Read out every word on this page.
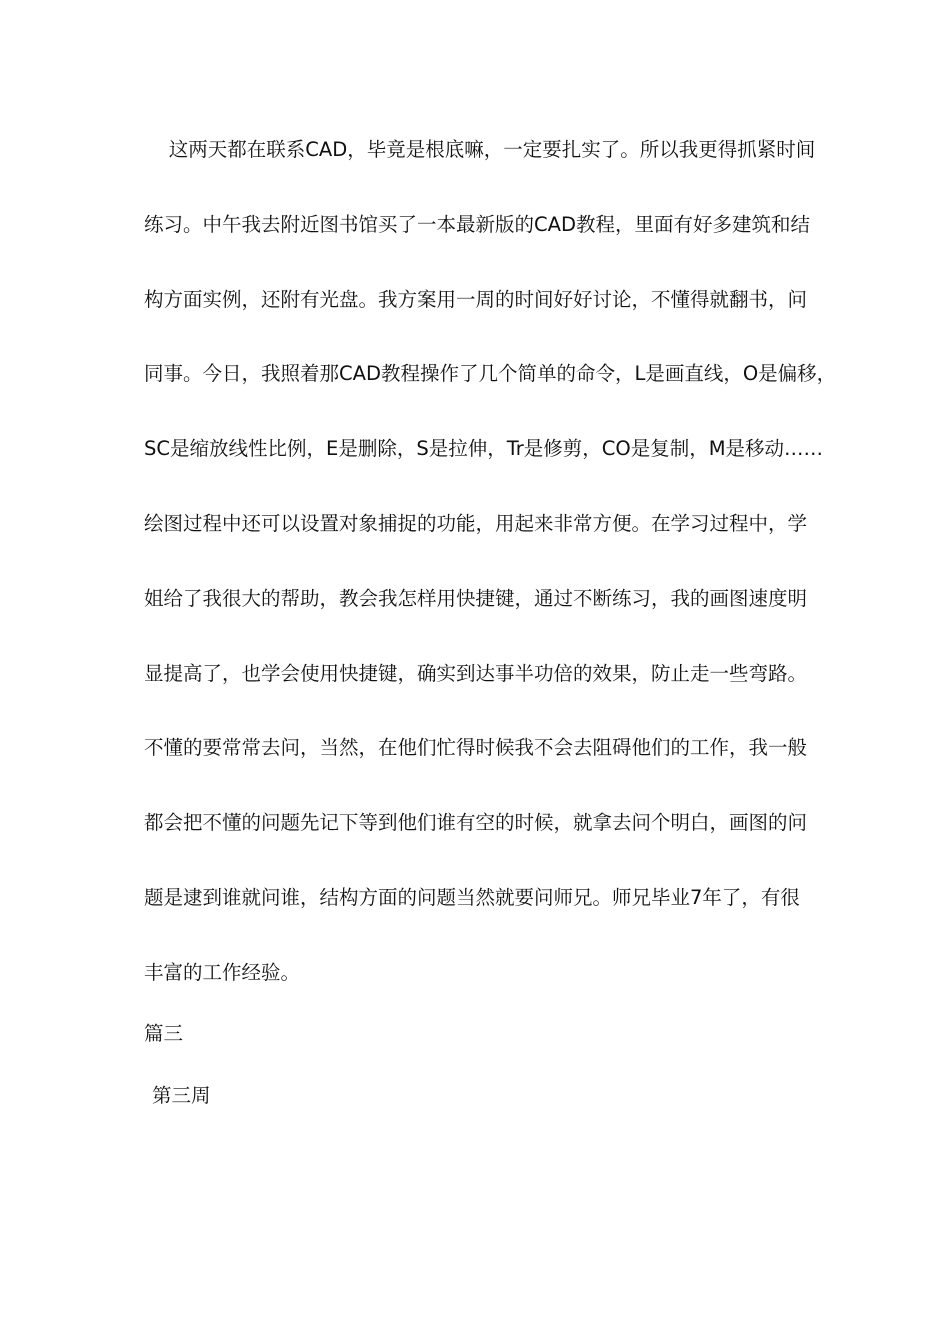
这两天都在联系CAD，毕竟是根底嘛，一定要扎实了。所以我更得抓紧时间
练习。中午我去附近图书馆买了一本最新版的CAD教程，里面有好多建筑和结
构方面实例，还附有光盘。我方案用一周的时间好好讨论，不懂得就翻书，问
同事。今日，我照着那CAD教程操作了几个简单的命令，L是画直线，O是偏移，
SC是缩放线性比例，E是删除，S是拉伸，Tr是修剪，CO是复制，M是移动……
绘图过程中还可以设置对象捕捉的功能，用起来非常方便。在学习过程中，学
姐给了我很大的帮助，教会我怎样用快捷键，通过不断练习，我的画图速度明
显提高了，也学会使用快捷键，确实到达事半功倍的效果，防止走一些弯路。
不懂的要常常去问，当然，在他们忙得时候我不会去阻碍他们的工作，我一般
都会把不懂的问题先记下等到他们谁有空的时候，就拿去问个明白，画图的问
题是逮到谁就问谁，结构方面的问题当然就要问师兄。师兄毕业7年了，有很
丰富的工作经验。
篇三
第三周
